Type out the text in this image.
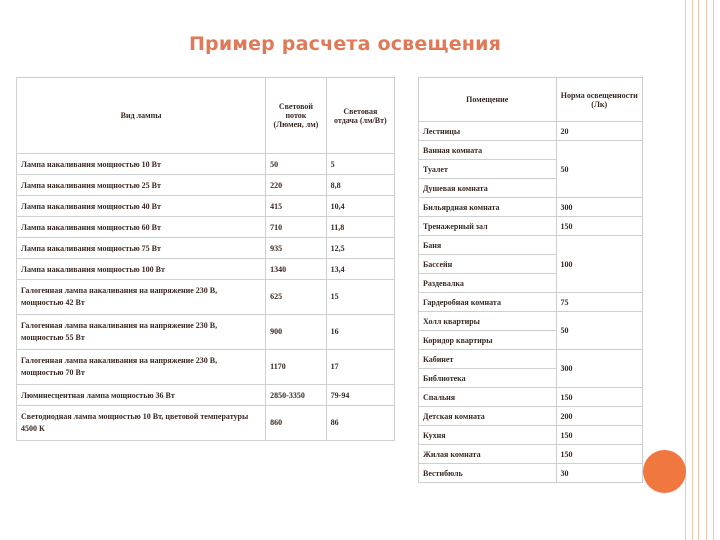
Пример расчета освещения
Вид лампы	Световой поток (Люмен, лм)	Световая отдача (лм/Вт)
Лампа накаливания мощностью 10 Вт	50	5
Лампа накаливания мощностью 25 Вт	220	8,8
Лампа накаливания мощностью 40 Вт	415	10,4
Лампа накаливания мощностью 60 Вт	710	11,8
Лампа накаливания мощностью 75 Вт	935	12,5
Лампа накаливания мощностью 100 Вт	1340	13,4
Галогенная лампа накаливания на напряжение 230 В, мощностью 42 Вт	625	15
Галогенная лампа накаливания на напряжение 230 В, мощностью 55 Вт	900	16
Галогенная лампа накаливания на напряжение 230 В, мощностью 70 Вт	1170	17
Люминесцентная лампа мощностью 36 Вт	2850-3350	79-94
Светодиодная лампа мощностью 10 Вт, цветовой температуры 4500 К	860	86
Помещение	Норма освещенности (Лк)
Лестницы	20
Ванная комната	50
Туалет	
Душевая комната	
Бильярдная комната	300
Тренажерный зал	150
Баня	100
Бассейн	
Раздевалка	
Гардеробная комната	75
Холл квартиры	50
Коридор квартиры	
Кабинет	300
Библиотека	
Спальня	150
Детская комната	200
Кухня	150
Жилая комната	150
Вестибюль	30
